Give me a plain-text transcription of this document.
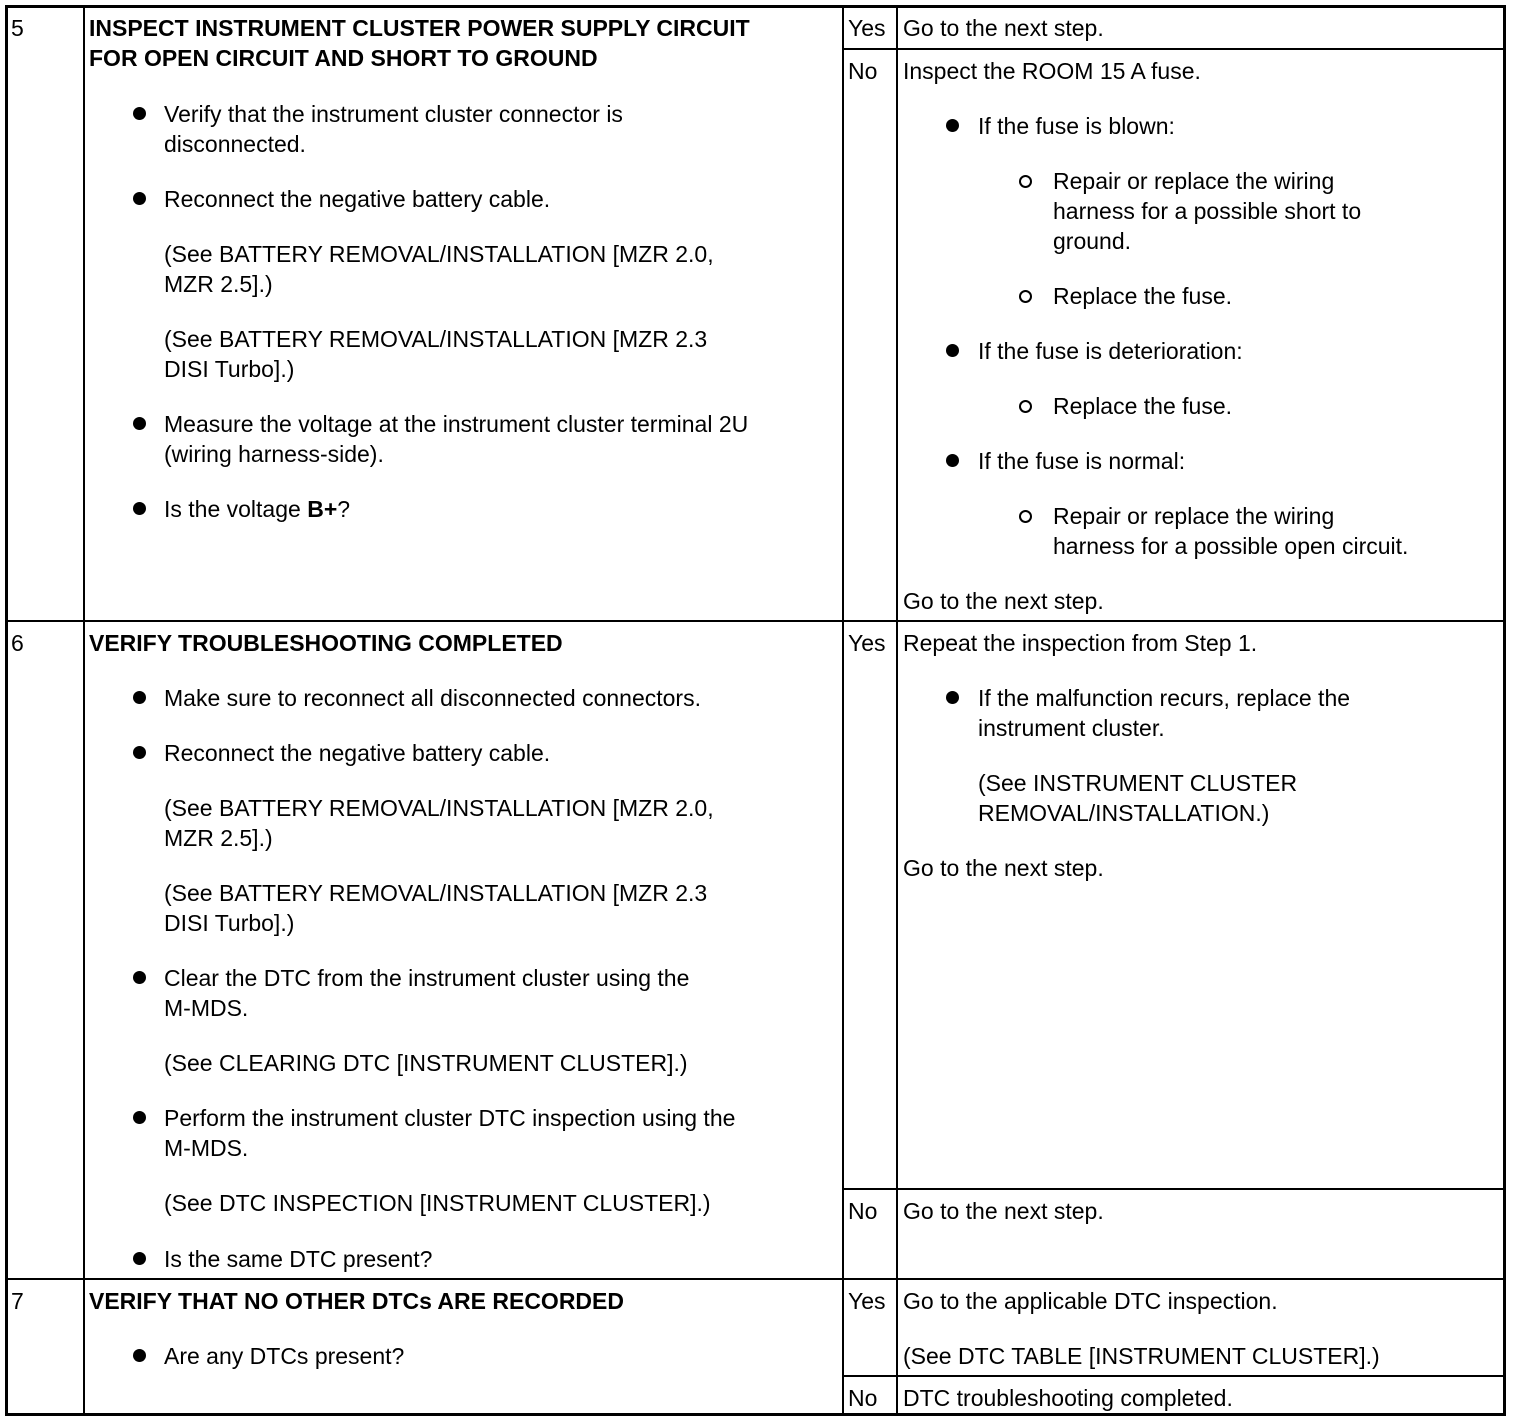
5	INSPECT INSTRUMENT CLUSTER POWER SUPPLY CIRCUIT
FOR OPEN CIRCUIT AND SHORT TO GROUND
Verify that the instrument cluster connector is
disconnected.
Reconnect the negative battery cable.
(See BATTERY REMOVAL/INSTALLATION [MZR 2.0,
MZR 2.5].)
(See BATTERY REMOVAL/INSTALLATION [MZR 2.3
DISI Turbo].)
Measure the voltage at the instrument cluster terminal 2U
(wiring harness-side).
Is the voltage B+?
Yes Go to the next step.
No Inspect the ROOM 15 A fuse.
If the fuse is blown:
Repair or replace the wiring
harness for a possible short to
ground.
Replace the fuse.
If the fuse is deterioration:
Replace the fuse.
If the fuse is normal:
Repair or replace the wiring
harness for a possible open circuit.
Go to the next step.
6	VERIFY TROUBLESHOOTING COMPLETED
Make sure to reconnect all disconnected connectors.
Reconnect the negative battery cable.
(See BATTERY REMOVAL/INSTALLATION [MZR 2.0,
MZR 2.5].)
(See BATTERY REMOVAL/INSTALLATION [MZR 2.3
DISI Turbo].)
Clear the DTC from the instrument cluster using the
M-MDS.
(See CLEARING DTC [INSTRUMENT CLUSTER].)
Perform the instrument cluster DTC inspection using the
M-MDS.
(See DTC INSPECTION [INSTRUMENT CLUSTER].)
Is the same DTC present?
Yes Repeat the inspection from Step 1.
If the malfunction recurs, replace the
instrument cluster.
(See INSTRUMENT CLUSTER
REMOVAL/INSTALLATION.)
Go to the next step.
No Go to the next step.
7	VERIFY THAT NO OTHER DTCs ARE RECORDED
Are any DTCs present?
Yes Go to the applicable DTC inspection.
(See DTC TABLE [INSTRUMENT CLUSTER].)
No DTC troubleshooting completed.
